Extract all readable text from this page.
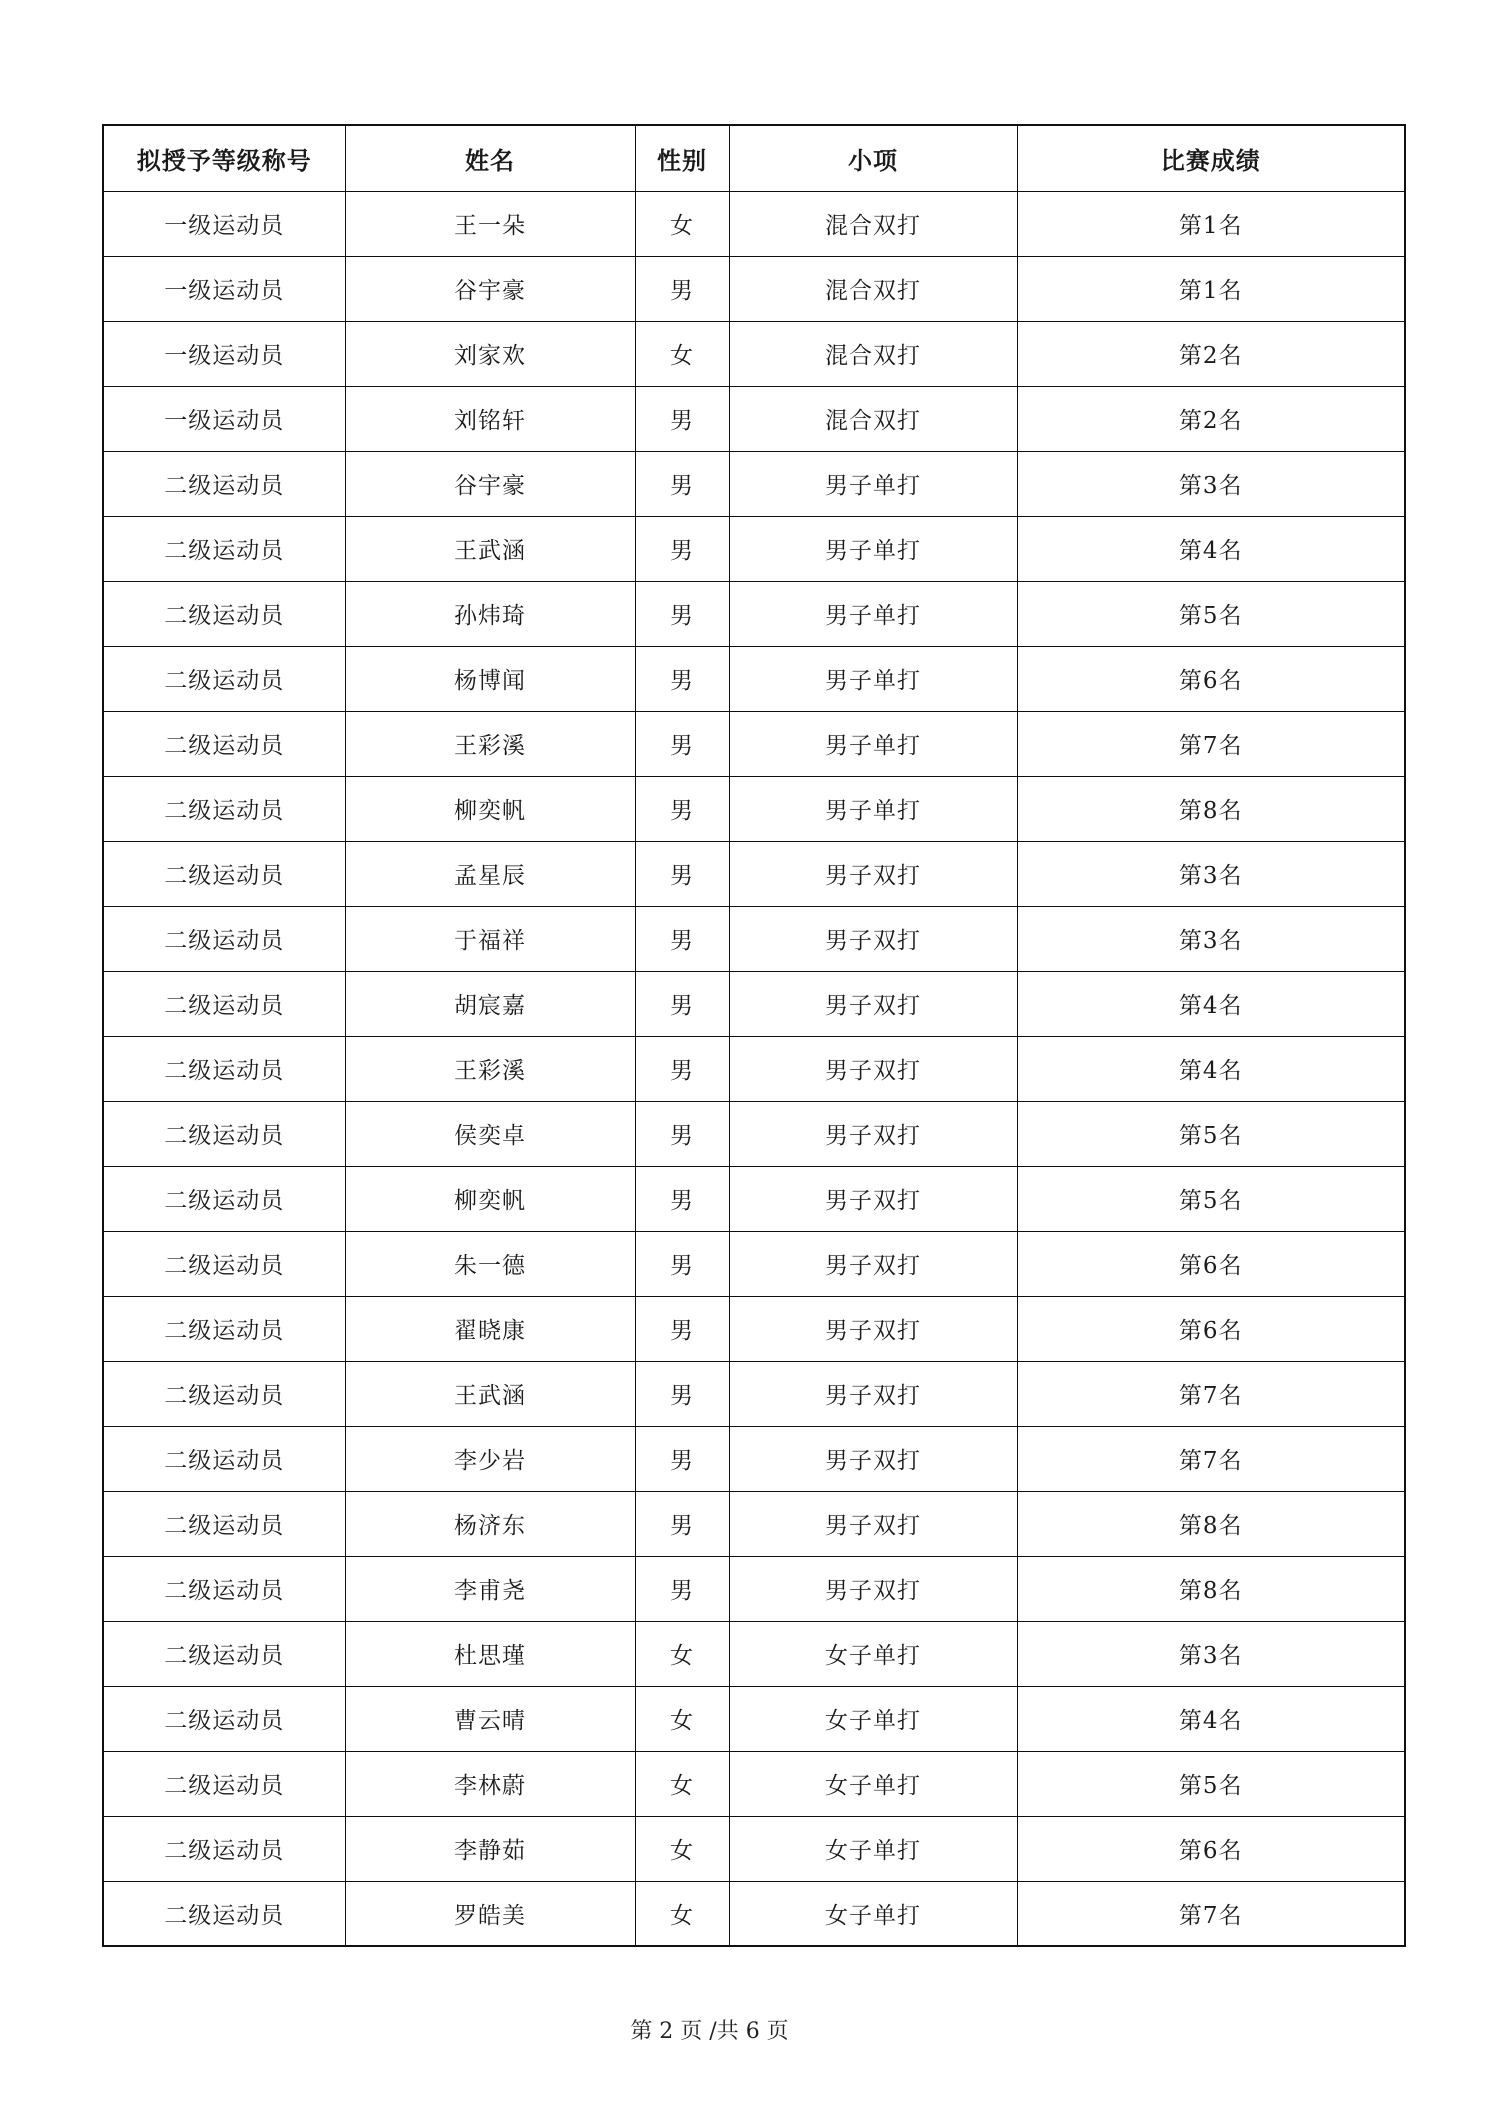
拟授予等级称号	姓名	性别	小项	比赛成绩
一级运动员	王一朵	女	混合双打	第1名
一级运动员	谷宇豪	男	混合双打	第1名
一级运动员	刘家欢	女	混合双打	第2名
一级运动员	刘铭轩	男	混合双打	第2名
二级运动员	谷宇豪	男	男子单打	第3名
二级运动员	王武涵	男	男子单打	第4名
二级运动员	孙炜琦	男	男子单打	第5名
二级运动员	杨博闻	男	男子单打	第6名
二级运动员	王彩溪	男	男子单打	第7名
二级运动员	柳奕帆	男	男子单打	第8名
二级运动员	孟星辰	男	男子双打	第3名
二级运动员	于福祥	男	男子双打	第3名
二级运动员	胡宸嘉	男	男子双打	第4名
二级运动员	王彩溪	男	男子双打	第4名
二级运动员	侯奕卓	男	男子双打	第5名
二级运动员	柳奕帆	男	男子双打	第5名
二级运动员	朱一德	男	男子双打	第6名
二级运动员	翟晓康	男	男子双打	第6名
二级运动员	王武涵	男	男子双打	第7名
二级运动员	李少岩	男	男子双打	第7名
二级运动员	杨济东	男	男子双打	第8名
二级运动员	李甫尧	男	男子双打	第8名
二级运动员	杜思瑾	女	女子单打	第3名
二级运动员	曹云晴	女	女子单打	第4名
二级运动员	李林蔚	女	女子单打	第5名
二级运动员	李静茹	女	女子单打	第6名
二级运动员	罗皓美	女	女子单打	第7名
第 2 页 /共 6 页
